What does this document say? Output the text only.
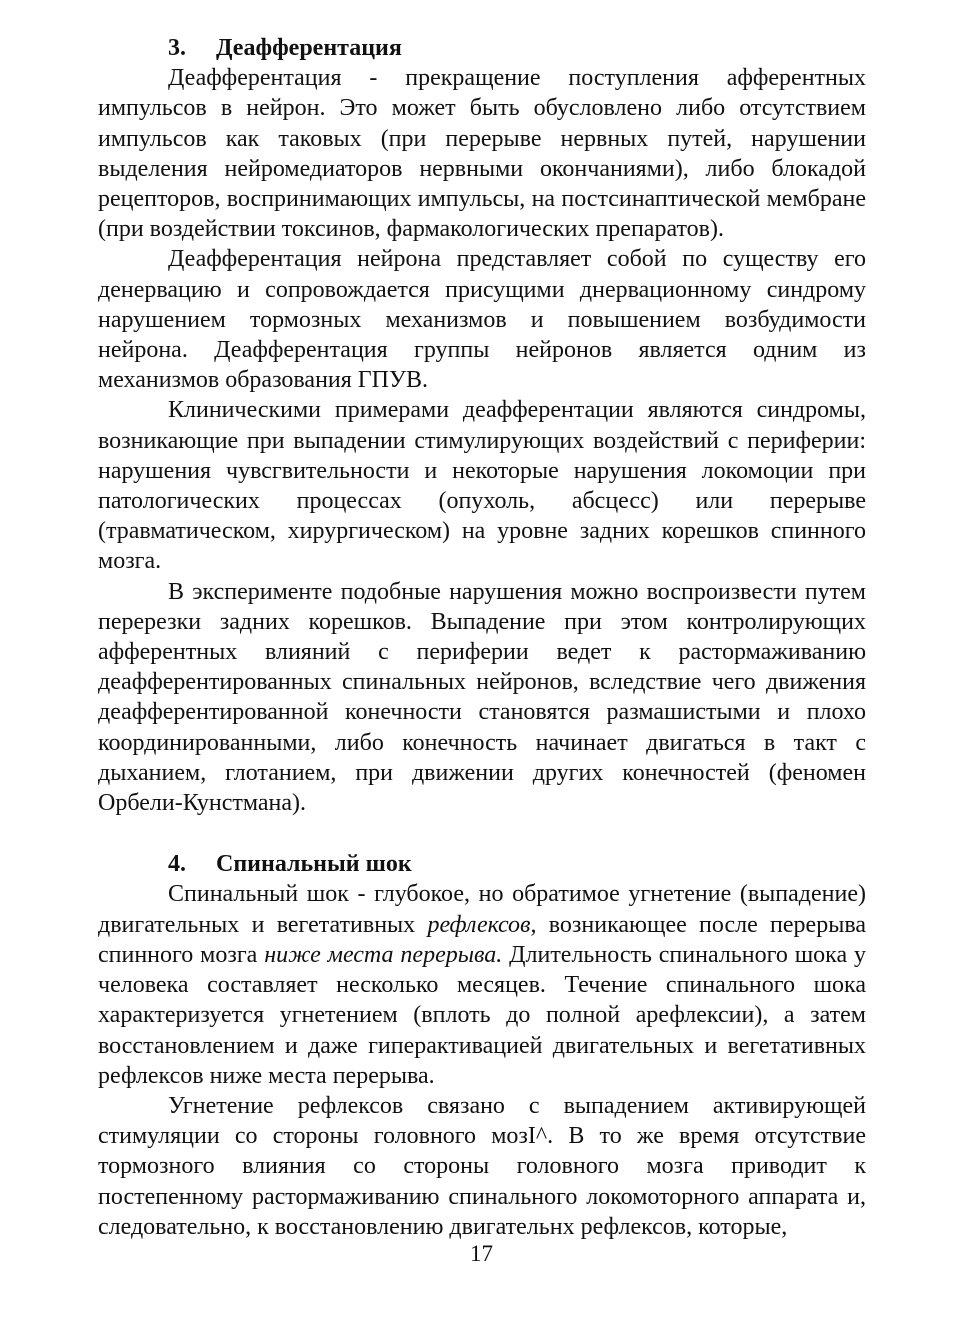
3.	Деафферентация

Деафферентация - прекращение поступления афферентных импульсов в нейрон. Это может быть обусловлено либо отсутствием импульсов как таковых (при перерыве нервных путей, нарушении выделения нейромедиаторов нервными окончаниями), либо блокадой рецепторов, воспринимающих импульсы, на постсинаптической мембране (при воздействии токсинов, фармакологических препаратов).

Деафферентация нейрона представляет собой по существу его денервацию и сопровождается присущими днервационному синдрому нарушением тормозных механизмов и повышением возбудимости нейрона. Деафферентация группы нейронов является одним из механизмов образования ГПУВ.

Клиническими примерами деафферентации являются синдромы, возникающие при выпадении стимулирующих воздействий с периферии: нарушения чувсгвительности и некоторые нарушения локомоции при патологических процессах (опухоль, абсцесс) или перерыве (травматическом, хирургическом) на уровне задних корешков спинного мозга.

В эксперименте подобные нарушения можно воспроизвести путем перерезки задних корешков. Выпадение при этом контролирующих афферентных влияний с периферии ведет к растормаживанию деафферентированных спинальных нейронов, вследствие чего движения деафферентированной конечности становятся размашистыми и плохо координированными, либо конечность начинает двигаться в такт с дыханием, глотанием, при движении других конечностей (феномен Орбели-Кунстмана).

4.	Спинальный шок

Спинальный шок - глубокое, но обратимое угнетение (выпадение) двигательных и вегетативных рефлексов, возникающее после перерыва спинного мозга ниже места перерыва. Длительность спинального шока у человека составляет несколько месяцев. Течение спинального шока характеризуется угнетением (вплоть до полной арефлексии), а затем восстановлением и даже гиперактивацией двигательных и вегетативных рефлексов ниже места перерыва.

Угнетение рефлексов связано с выпадением активирующей стимуляции со стороны головного мозI^. В то же время отсутствие тормозного влияния со стороны головного мозга приводит к постепенному растормаживанию спинального локомоторного аппарата и, следовательно, к восстановлению двигательнх рефлексов, которые,

17
